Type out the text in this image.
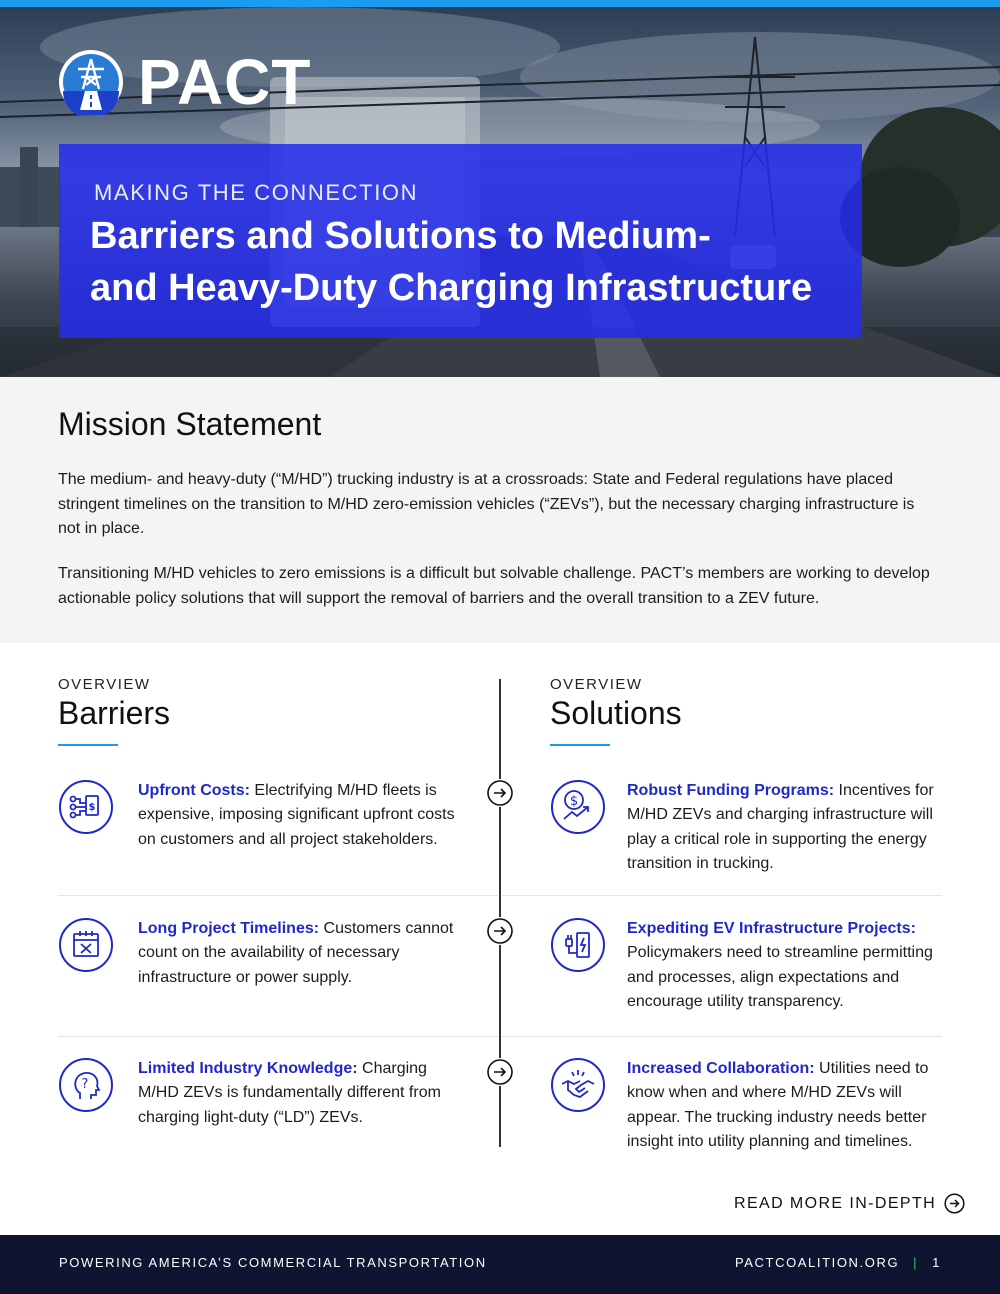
PACT
MAKING THE CONNECTION
Barriers and Solutions to Medium-
and Heavy-Duty Charging Infrastructure
Mission Statement

The medium- and heavy-duty (“M/HD”) trucking industry is at a crossroads: State and Federal regulations have placed stringent timelines on the transition to M/HD zero-emission vehicles (“ZEVs”), but the necessary charging infrastructure is not in place.

Transitioning M/HD vehicles to zero emissions is a difficult but solvable challenge. PACT’s members are working to develop actionable policy solutions that will support the removal of barriers and the overall transition to a ZEV future.

OVERVIEW
Barriers
OVERVIEW
Solutions
$
Upfront Costs: Electrifying M/HD fleets is expensive, imposing significant upfront costs on customers and all project stakeholders.
Long Project Timelines: Customers cannot count on the availability of necessary infrastructure or power supply.
?
Limited Industry Knowledge: Charging M/HD ZEVs is fundamentally different from charging light-duty (“LD”) ZEVs.
$
Robust Funding Programs: Incentives for M/HD ZEVs and charging infrastructure will play a critical role in supporting the energy transition in trucking.
Expediting EV Infrastructure Projects: Policymakers need to streamline permitting and processes, align expectations and encourage utility transparency.
Increased Collaboration: Utilities need to know when and where M/HD ZEVs will appear. The trucking industry needs better insight into utility planning and timelines.
READ MORE IN-DEPTH
POWERING AMERICA’S COMMERCIAL TRANSPORTATION	PACTCOALITION.ORG | 1
